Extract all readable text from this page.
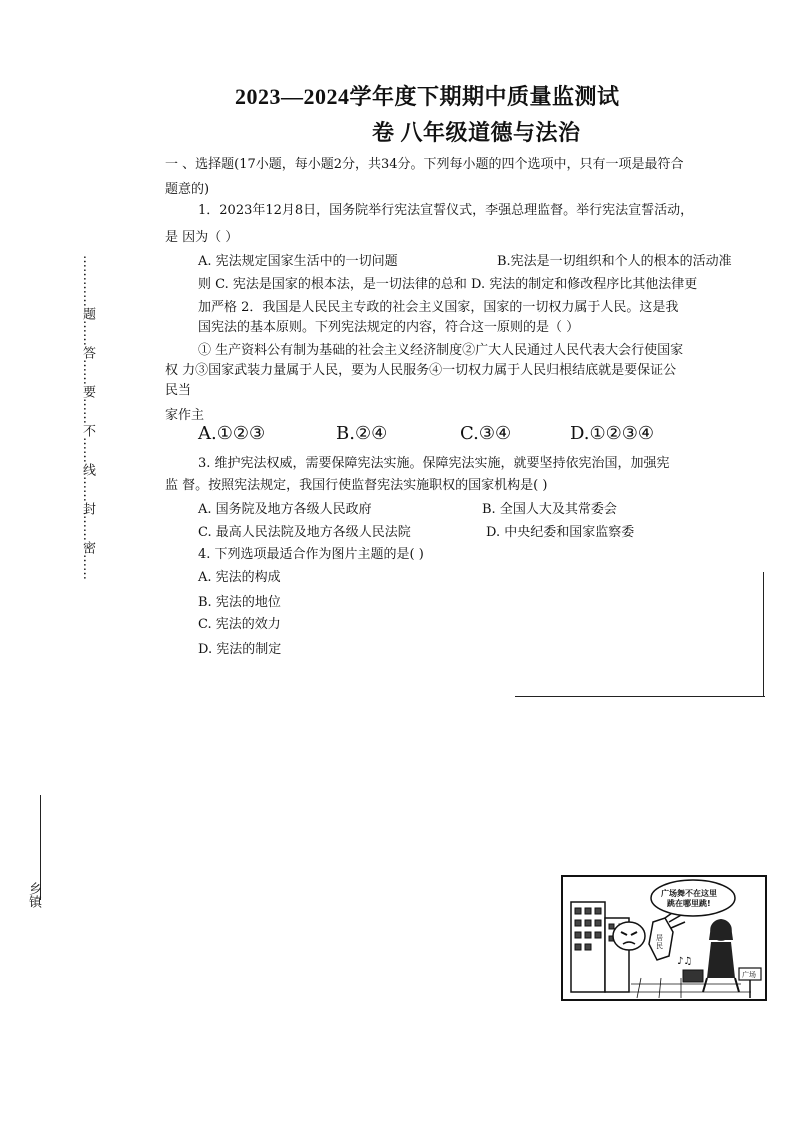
2023—2024学年度下期期中质量监测试
卷 八年级道德与法治
一 、选择题(17小题，每小题2分，共34分。下列每小题的四个选项中，只有一项是最符合
题意的)
1．2023年12月8日，国务院举行宪法宣誓仪式，李强总理监督。举行宪法宣誓活动，
是 因为（ ）
A. 宪法规定国家生活中的一切问题	B.宪法是一切组织和个人的根本的活动准
则 C. 宪法是国家的根本法，是一切法律的总和 D. 宪法的制定和修改程序比其他法律更
加严格 2．我国是人民民主专政的社会主义国家，国家的一切权力属于人民。这是我
国宪法的基本原则。下列宪法规定的内容，符合这一原则的是（ ）
① 生产资料公有制为基础的社会主义经济制度②广大人民通过人民代表大会行使国家
权 力③国家武装力量属于人民，要为人民服务④一切权力属于人民归根结底就是要保证公
民当
家作主
A.①②③	B.②④	C.③④	D.①②③④
3. 维护宪法权威，需要保障宪法实施。保障宪法实施，就要坚持依宪治国，加强宪
监 督。按照宪法规定，我国行使监督宪法实施职权的国家机构是( )
A. 国务院及地方各级人民政府	B. 全国人大及其常委会
C. 最高人民法院及地方各级人民法院	D. 中央纪委和国家监察委
4. 下列选项最适合作为图片主题的是( )
A. 宪法的构成
B. 宪法的地位
C. 宪法的效力
D. 宪法的制定
…………题……答……要……不……线……封……密……
乡镇
居
民
广场舞不在这里
跳在哪里跳!
广场
♪♫
